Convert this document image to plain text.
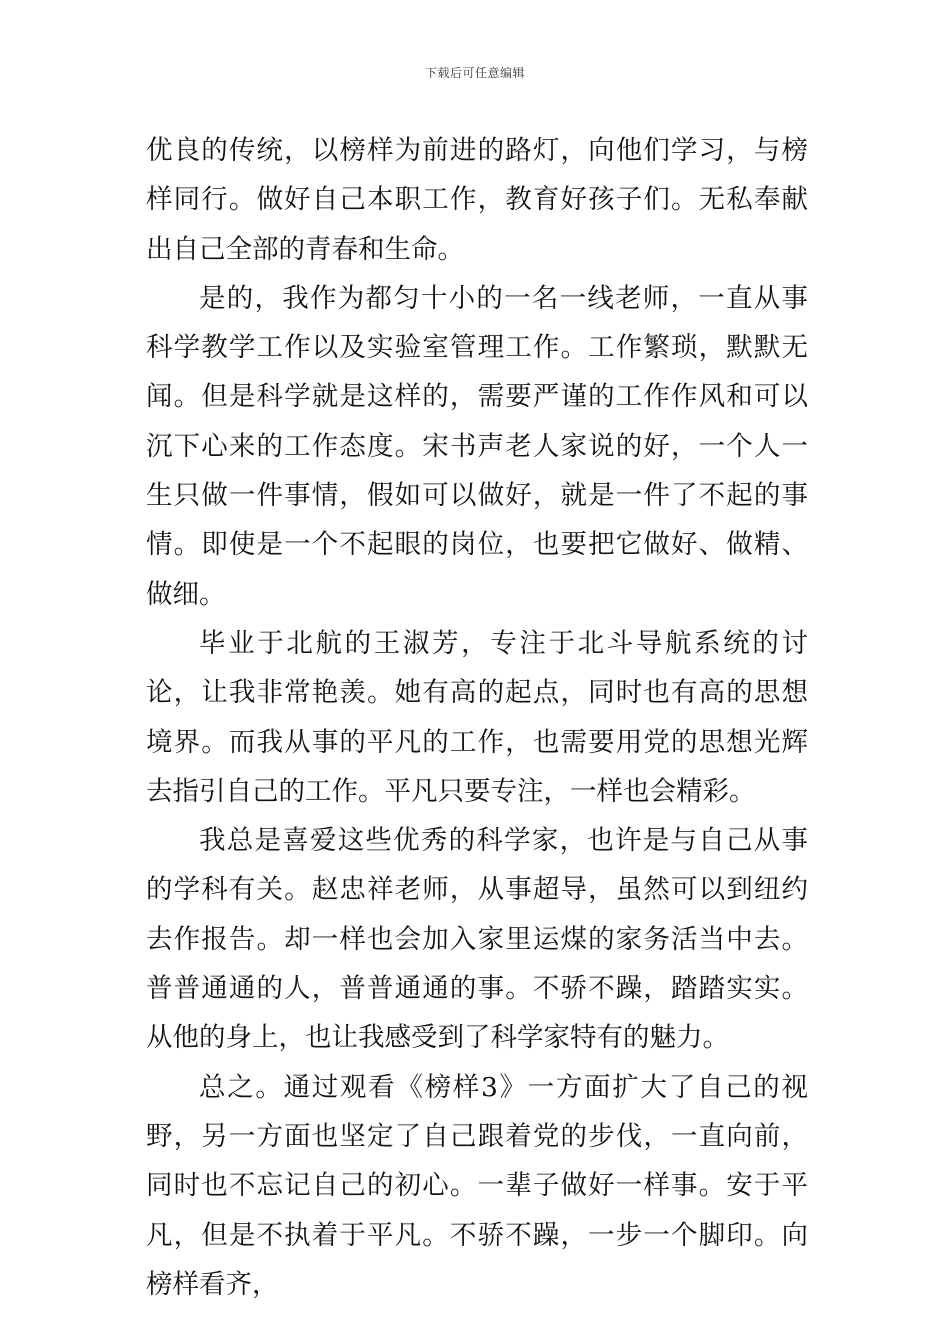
下载后可任意编辑

优良的传统，以榜样为前进的路灯，向他们学习，与榜样同行。做好自己本职工作，教育好孩子们。无私奉献出自己全部的青春和生命。

是的，我作为都匀十小的一名一线老师，一直从事科学教学工作以及实验室管理工作。工作繁琐，默默无闻。但是科学就是这样的，需要严谨的工作作风和可以沉下心来的工作态度。宋书声老人家说的好，一个人一生只做一件事情，假如可以做好，就是一件了不起的事情。即使是一个不起眼的岗位，也要把它做好、做精、做细。

毕业于北航的王淑芳，专注于北斗导航系统的讨论，让我非常艳羡。她有高的起点，同时也有高的思想境界。而我从事的平凡的工作，也需要用党的思想光辉去指引自己的工作。平凡只要专注，一样也会精彩。

我总是喜爱这些优秀的科学家，也许是与自己从事的学科有关。赵忠祥老师，从事超导，虽然可以到纽约去作报告。却一样也会加入家里运煤的家务活当中去。普普通通的人，普普通通的事。不骄不躁，踏踏实实。从他的身上，也让我感受到了科学家特有的魅力。

总之。通过观看《榜样3》一方面扩大了自己的视野，另一方面也坚定了自己跟着党的步伐，一直向前，同时也不忘记自己的初心。一辈子做好一样事。安于平凡，但是不执着于平凡。不骄不躁，一步一个脚印。向榜样看齐，
